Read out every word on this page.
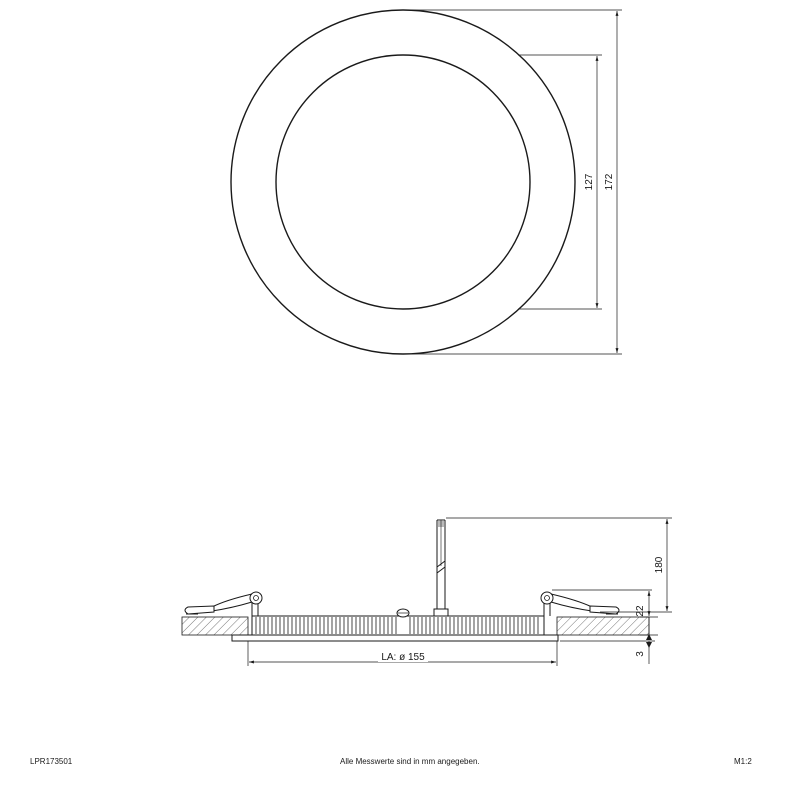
172
127
180
22
3
LA: ø 155
LPR173501	Alle Messwerte sind in mm angegeben.	M1:2
